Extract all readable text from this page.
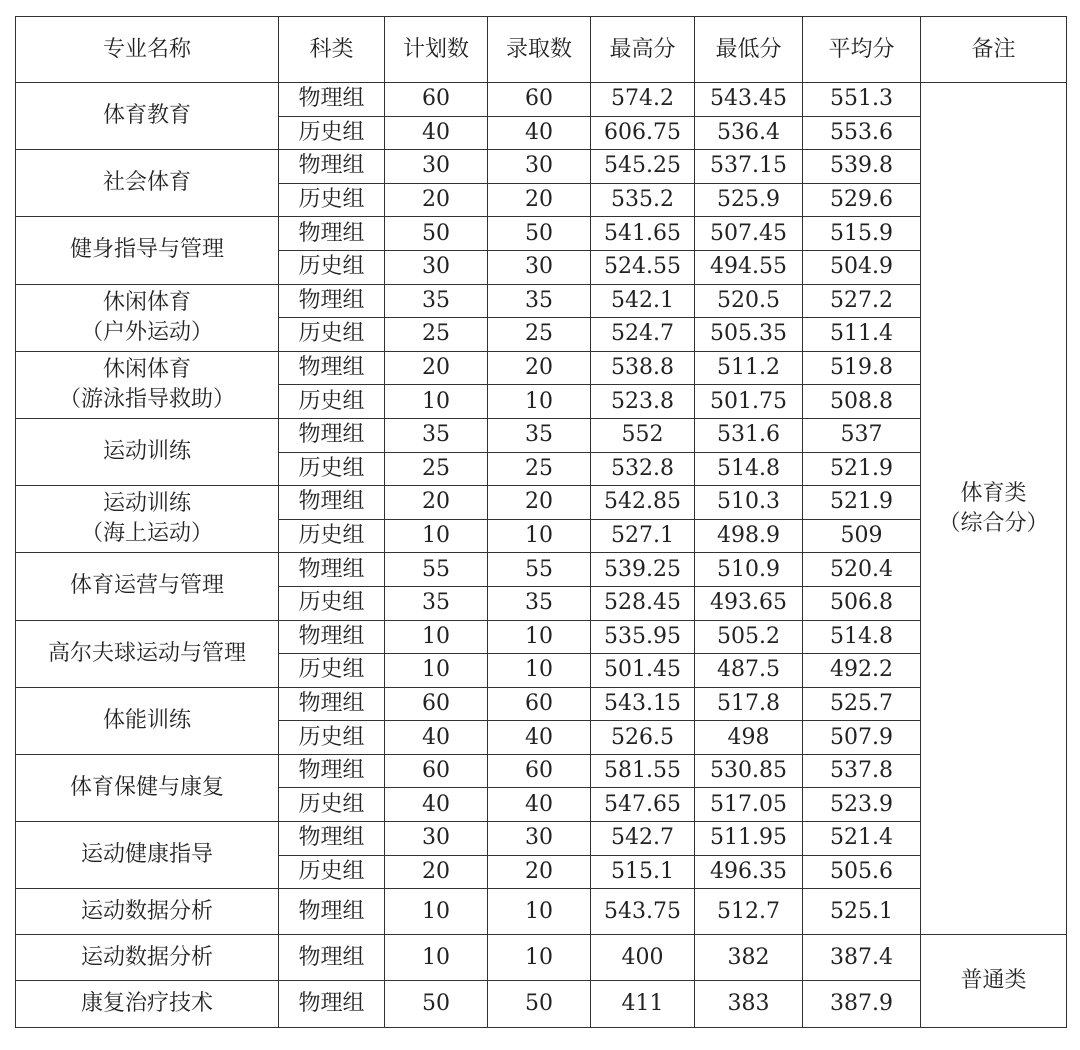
专业名称	科类	计划数	录取数	最高分	最低分	平均分	备注

体育教育	物理组	60	60	574.2	543.45	551.3	体育类
（综合分）

	历史组	40	40	606.75	536.4	553.6	

社会体育	物理组	30	30	545.25	537.15	539.8	
	历史组	20	20	535.2	525.9	529.6	

健身指导与管理	物理组	50	50	541.65	507.45	515.9	
	历史组	30	30	524.55	494.55	504.9	

休闲体育
（户外运动）	物理组	35	35	542.1	520.5	527.2	
	历史组	25	25	524.7	505.35	511.4	

休闲体育
（游泳指导救助）	物理组	20	20	538.8	511.2	519.8	
	历史组	10	10	523.8	501.75	508.8	

运动训练	物理组	35	35	552	531.6	537	
	历史组	25	25	532.8	514.8	521.9	

运动训练
（海上运动）	物理组	20	20	542.85	510.3	521.9	
	历史组	10	10	527.1	498.9	509	

体育运营与管理	物理组	55	55	539.25	510.9	520.4	
	历史组	35	35	528.45	493.65	506.8	

高尔夫球运动与管理	物理组	10	10	535.95	505.2	514.8	
	历史组	10	10	501.45	487.5	492.2	

体能训练	物理组	60	60	543.15	517.8	525.7	
	历史组	40	40	526.5	498	507.9	

体育保健与康复	物理组	60	60	581.55	530.85	537.8	
	历史组	40	40	547.65	517.05	523.9	

运动健康指导	物理组	30	30	542.7	511.95	521.4	
	历史组	20	20	515.1	496.35	505.6	

运动数据分析	物理组	10	10	543.75	512.7	525.1	

运动数据分析	物理组	10	10	400	382	387.4	普通类

康复治疗技术	物理组	50	50	411	383	387.9	
